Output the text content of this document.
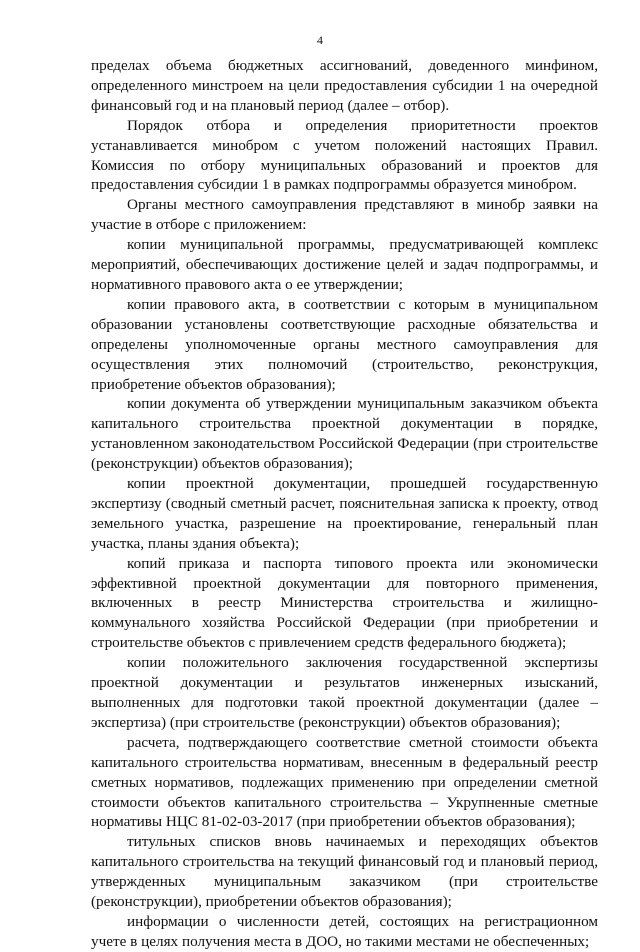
4

пределах объема бюджетных ассигнований, доведенного минфином, определенного минстроем на цели предоставления субсидии 1 на очередной финансовый год и на плановый период (далее – отбор).

Порядок отбора и определения приоритетности проектов устанавливается минобром с учетом положений настоящих Правил. Комиссия по отбору муниципальных образований и проектов для предоставления субсидии 1 в рамках подпрограммы образуется минобром.

Органы местного самоуправления представляют в минобр заявки на участие в отборе с приложением:

копии муниципальной программы, предусматривающей комплекс мероприятий, обеспечивающих достижение целей и задач подпрограммы, и нормативного правового акта о ее утверждении;

копии правового акта, в соответствии с которым в муниципальном образовании установлены соответствующие расходные обязательства и определены уполномоченные органы местного самоуправления для осуществления этих полномочий (строительство, реконструкция, приобретение объектов образования);

копии документа об утверждении муниципальным заказчиком объекта капитального строительства проектной документации в порядке, установленном законодательством Российской Федерации (при строительстве (реконструкции) объектов образования);

копии проектной документации, прошедшей государственную экспертизу (сводный сметный расчет, пояснительная записка к проекту, отвод земельного участка, разрешение на проектирование, генеральный план участка, планы здания объекта);

копий приказа и паспорта типового проекта или экономически эффективной проектной документации для повторного применения, включенных в реестр Министерства строительства и жилищно-коммунального хозяйства Российской Федерации (при приобретении и строительстве объектов с привлечением средств федерального бюджета);

копии положительного заключения государственной экспертизы проектной документации и результатов инженерных изысканий, выполненных для подготовки такой проектной документации (далее – экспертиза) (при строительстве (реконструкции) объектов образования);

расчета, подтверждающего соответствие сметной стоимости объекта капитального строительства нормативам, внесенным в федеральный реестр сметных нормативов, подлежащих применению при определении сметной стоимости объектов капитального строительства – Укрупненные сметные нормативы НЦС 81-02-03-2017 (при приобретении объектов образования);

титульных списков вновь начинаемых и переходящих объектов капитального строительства на текущий финансовый год и плановый период, утвержденных муниципальным заказчиком (при строительстве (реконструкции), приобретении объектов образования);

информации о численности детей, состоящих на регистрационном учете в целях получения места в ДОО, но такими местами не обеспеченных;
